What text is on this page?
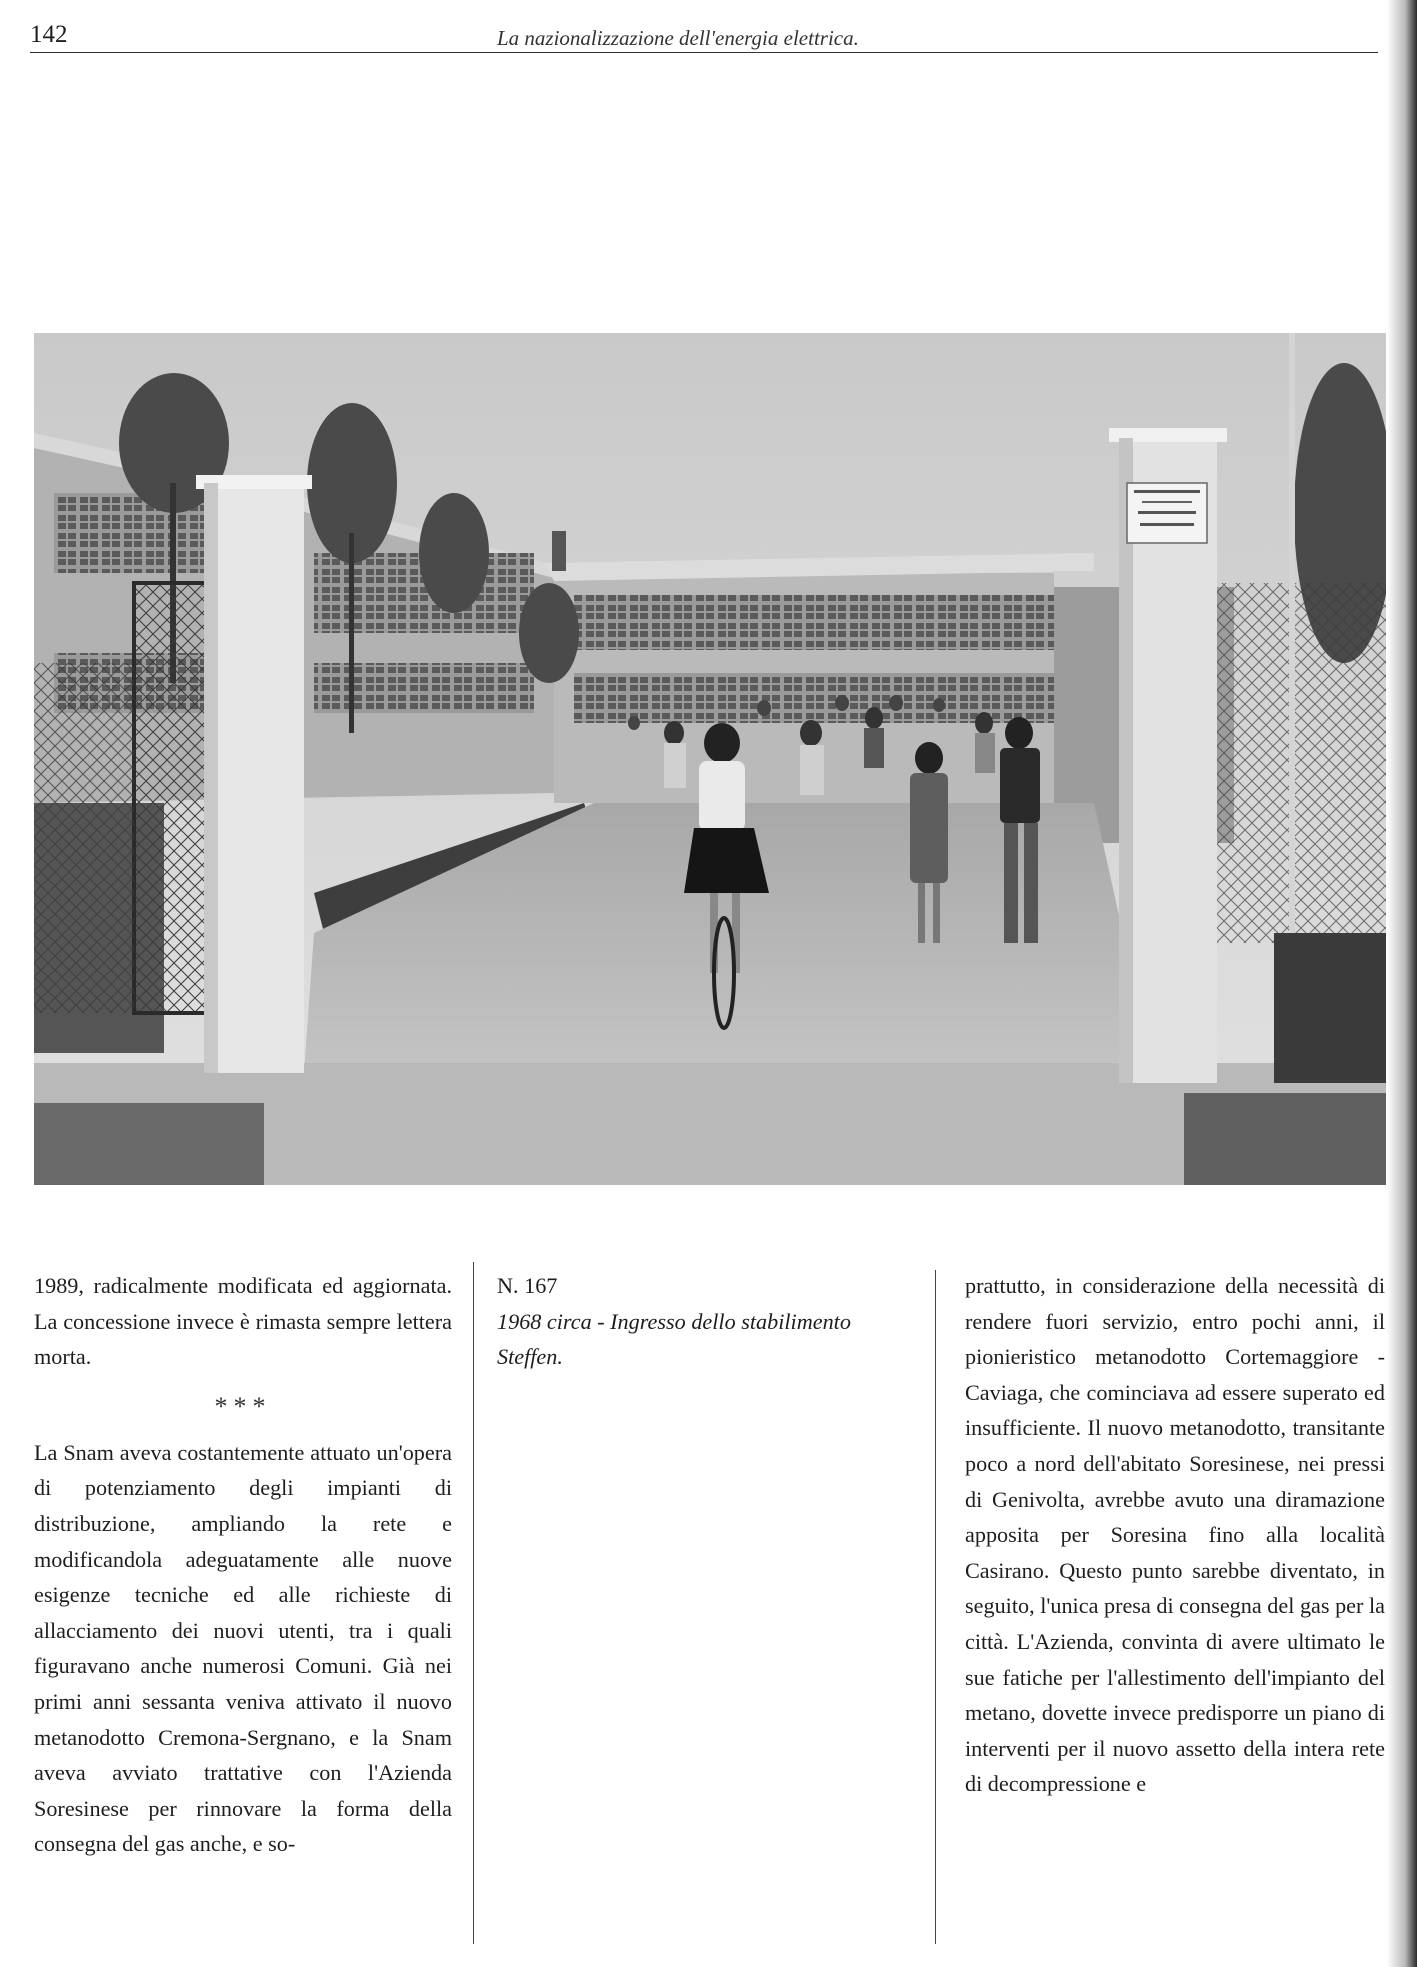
142	La nazionalizzazione dell'energia elettrica.

1989, radicalmente modificata ed aggiornata. La concessione invece è rimasta sempre lettera morta.

***

La Snam aveva costantemente attuato un'opera di potenziamento degli impianti di distribuzione, ampliando la rete e modificandola adeguatamente alle nuove esigenze tecniche ed alle richieste di allacciamento dei nuovi utenti, tra i quali figuravano anche numerosi Comuni. Già nei primi anni sessanta veniva attivato il nuovo metanodotto Cremona-Sergnano, e la Snam aveva avviato trattative con l'Azienda Soresinese per rinnovare la forma della consegna del gas anche, e so-

N. 167
1968 circa - Ingresso dello stabilimento Steffen.

prattutto, in considerazione della necessità di rendere fuori servizio, entro pochi anni, il pionieristico metanodotto Cortemaggiore - Caviaga, che cominciava ad essere superato ed insufficiente. Il nuovo metanodotto, transitante poco a nord dell'abitato Soresinese, nei pressi di Genivolta, avrebbe avuto una diramazione apposita per Soresina fino alla località Casirano. Questo punto sarebbe diventato, in seguito, l'unica presa di consegna del gas per la città. L'Azienda, convinta di avere ultimato le sue fatiche per l'allestimento dell'impianto del metano, dovette invece predisporre un piano di interventi per il nuovo assetto della intera rete di decompressione e
